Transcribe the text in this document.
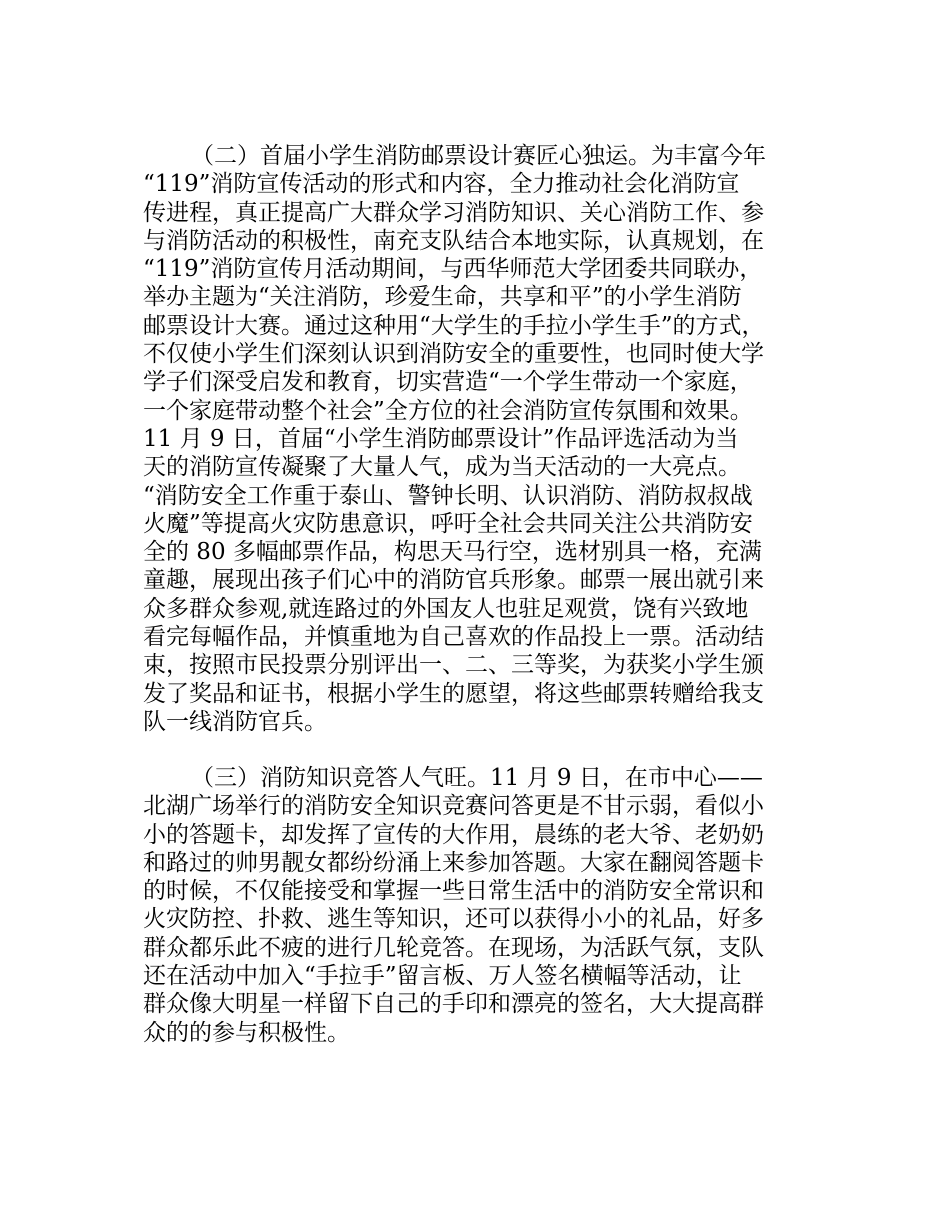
（二）首届小学生消防邮票设计赛匠心独运。为丰富今年
“119”消防宣传活动的形式和内容，全力推动社会化消防宣
传进程，真正提高广大群众学习消防知识、关心消防工作、参
与消防活动的积极性，南充支队结合本地实际，认真规划，在
“119”消防宣传月活动期间，与西华师范大学团委共同联办，
举办主题为“关注消防，珍爱生命，共享和平”的小学生消防
邮票设计大赛。通过这种用“大学生的手拉小学生手”的方式，
不仅使小学生们深刻认识到消防安全的重要性，也同时使大学
学子们深受启发和教育，切实营造“一个学生带动一个家庭，
一个家庭带动整个社会”全方位的社会消防宣传氛围和效果。
11 月 9 日，首届“小学生消防邮票设计”作品评选活动为当
天的消防宣传凝聚了大量人气，成为当天活动的一大亮点。
“消防安全工作重于泰山、警钟长明、认识消防、消防叔叔战
火魔”等提高火灾防患意识，呼吁全社会共同关注公共消防安
全的 80 多幅邮票作品，构思天马行空，选材别具一格，充满
童趣，展现出孩子们心中的消防官兵形象。邮票一展出就引来
众多群众参观,就连路过的外国友人也驻足观赏，饶有兴致地
看完每幅作品，并慎重地为自己喜欢的作品投上一票。活动结
束，按照市民投票分别评出一、二、三等奖，为获奖小学生颁
发了奖品和证书，根据小学生的愿望，将这些邮票转赠给我支
队一线消防官兵。

（三）消防知识竞答人气旺。11 月 9 日，在市中心——
北湖广场举行的消防安全知识竞赛问答更是不甘示弱，看似小
小的答题卡，却发挥了宣传的大作用，晨练的老大爷、老奶奶
和路过的帅男靓女都纷纷涌上来参加答题。大家在翻阅答题卡
的时候，不仅能接受和掌握一些日常生活中的消防安全常识和
火灾防控、扑救、逃生等知识，还可以获得小小的礼品，好多
群众都乐此不疲的进行几轮竞答。在现场，为活跃气氛，支队
还在活动中加入“手拉手”留言板、万人签名横幅等活动，让
群众像大明星一样留下自己的手印和漂亮的签名，大大提高群
众的的参与积极性。
